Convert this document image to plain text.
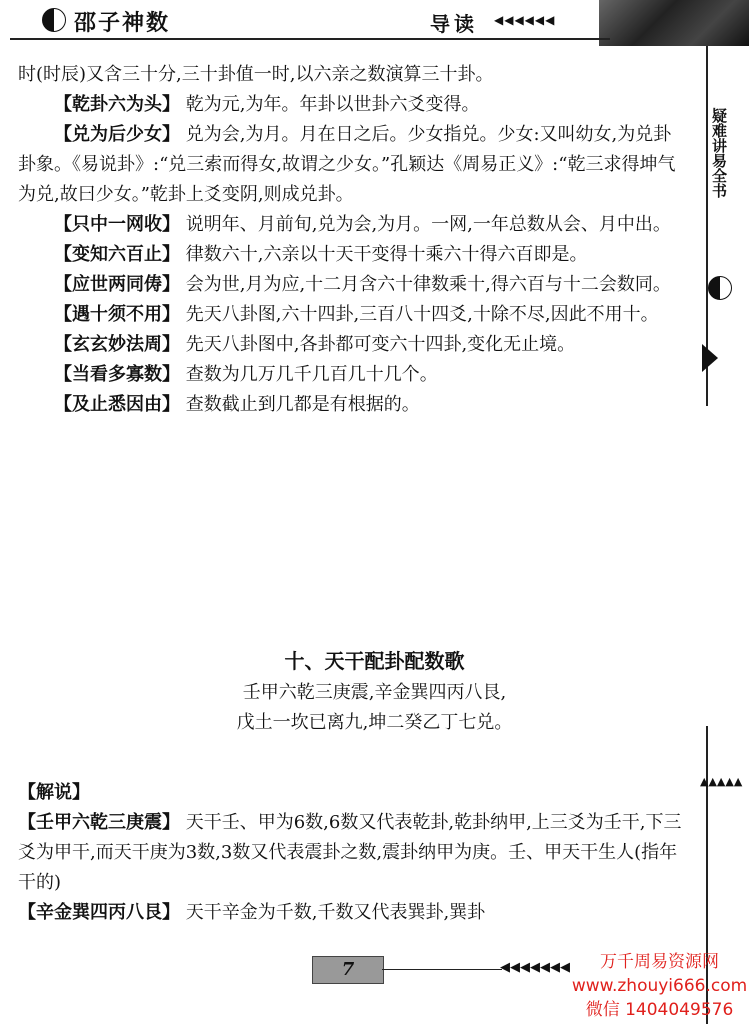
邵子神数	导读 ◀◀◀◀◀◀
疑难讲易全书
▲▲▲▲▲

时(时辰)又含三十分,三十卦值一时,以六亲之数演算三十卦。

【乾卦六为头】 乾为元,为年。年卦以世卦六爻变得。

【兑为后少女】 兑为会,为月。月在日之后。少女指兑。少女:又叫幼女,为兑卦卦象。《易说卦》:“兑三索而得女,故谓之少女。”孔颖达《周易正义》:“乾三求得坤气为兑,故曰少女。”乾卦上爻变阴,则成兑卦。

【只中一网收】 说明年、月前旬,兑为会,为月。一网,一年总数从会、月中出。

【变知六百止】 律数六十,六亲以十天干变得十乘六十得六百即是。

【应世两同俦】 会为世,月为应,十二月含六十律数乘十,得六百与十二会数同。

【遇十须不用】 先天八卦图,六十四卦,三百八十四爻,十除不尽,因此不用十。

【玄玄妙法周】 先天八卦图中,各卦都可变六十四卦,变化无止境。

【当看多寡数】 查数为几万几千几百几十几个。

【及止悉因由】 查数截止到几都是有根据的。

十、天干配卦配数歌
壬甲六乾三庚震,辛金巽四丙八艮,
戊土一坎已离九,坤二癸乙丁七兑。

【解说】

【壬甲六乾三庚震】 天干壬、甲为6数,6数又代表乾卦,乾卦纳甲,上三爻为壬干,下三爻为甲干,而天干庚为3数,3数又代表震卦之数,震卦纳甲为庚。壬、甲天干生人(指年干的)

【辛金巽四丙八艮】 天干辛金为千数,千数又代表巽卦,巽卦

7	◀◀◀◀◀◀◀	万千周易资源网
www.zhouyi666.com
微信 1404049576
